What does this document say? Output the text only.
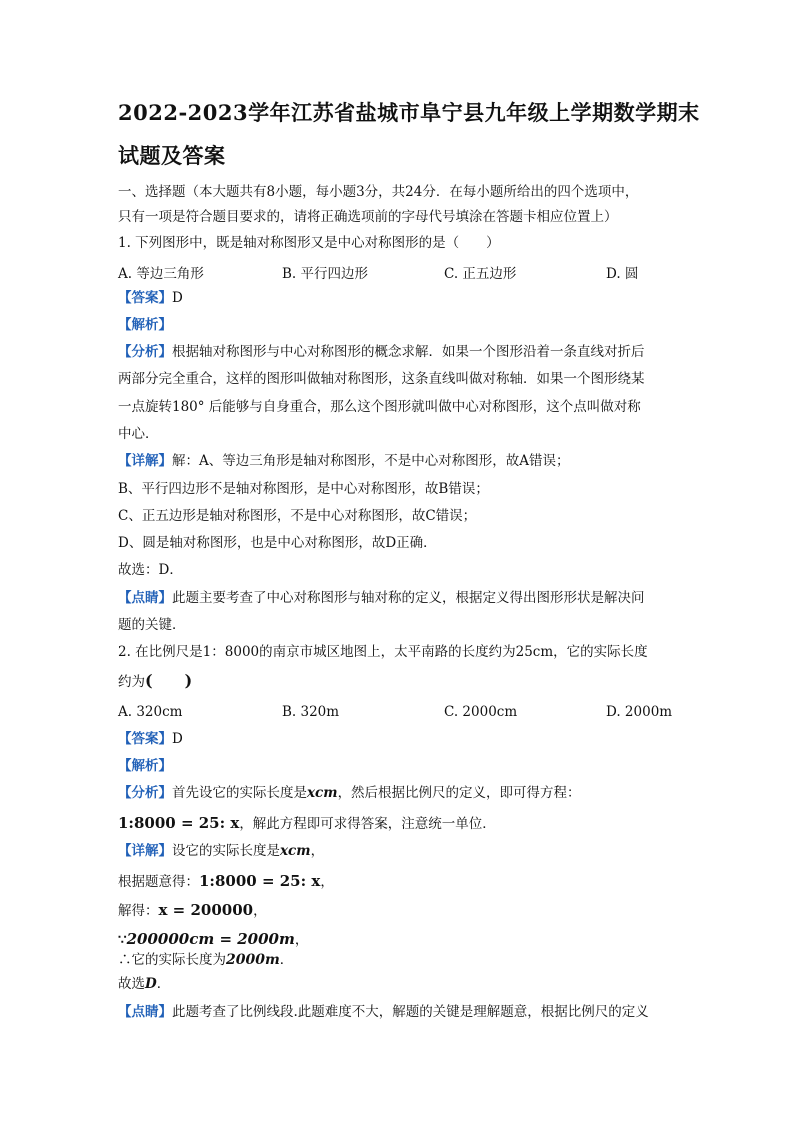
2022-2023学年江苏省盐城市阜宁县九年级上学期数学期末
试题及答案
一、选择题（本大题共有8小题，每小题3分，共24分．在每小题所给出的四个选项中，
只有一项是符合题目要求的，请将正确选项前的字母代号填涂在答题卡相应位置上）
1. 下列图形中，既是轴对称图形又是中心对称图形的是（　　）
A. 等边三角形	B. 平行四边形	C. 正五边形	D. 圆
【答案】D
【解析】
【分析】根据轴对称图形与中心对称图形的概念求解．如果一个图形沿着一条直线对折后
两部分完全重合，这样的图形叫做轴对称图形，这条直线叫做对称轴．如果一个图形绕某
一点旋转180° 后能够与自身重合，那么这个图形就叫做中心对称图形，这个点叫做对称
中心．
【详解】解：A、等边三角形是轴对称图形，不是中心对称图形，故A错误；
B、平行四边形不是轴对称图形，是中心对称图形，故B错误；
C、正五边形是轴对称图形，不是中心对称图形，故C错误；
D、圆是轴对称图形，也是中心对称图形，故D正确．
故选：D．
【点睛】此题主要考查了中心对称图形与轴对称的定义，根据定义得出图形形状是解决问
题的关键．
2. 在比例尺是1：8000的南京市城区地图上，太平南路的长度约为25cm，它的实际长度
约为(　　)
A. 320cm	B. 320m	C. 2000cm	D. 2000m
【答案】D
【解析】
【分析】首先设它的实际长度是xcm，然后根据比例尺的定义，即可得方程：
1:8000 = 25: x，解此方程即可求得答案，注意统一单位．
【详解】设它的实际长度是xcm，
根据题意得：1:8000 = 25: x，
解得：x = 200000，
∵200000cm = 2000m，
∴它的实际长度为2000m．
故选D．
【点睛】此题考查了比例线段.此题难度不大，解题的关键是理解题意，根据比例尺的定义
